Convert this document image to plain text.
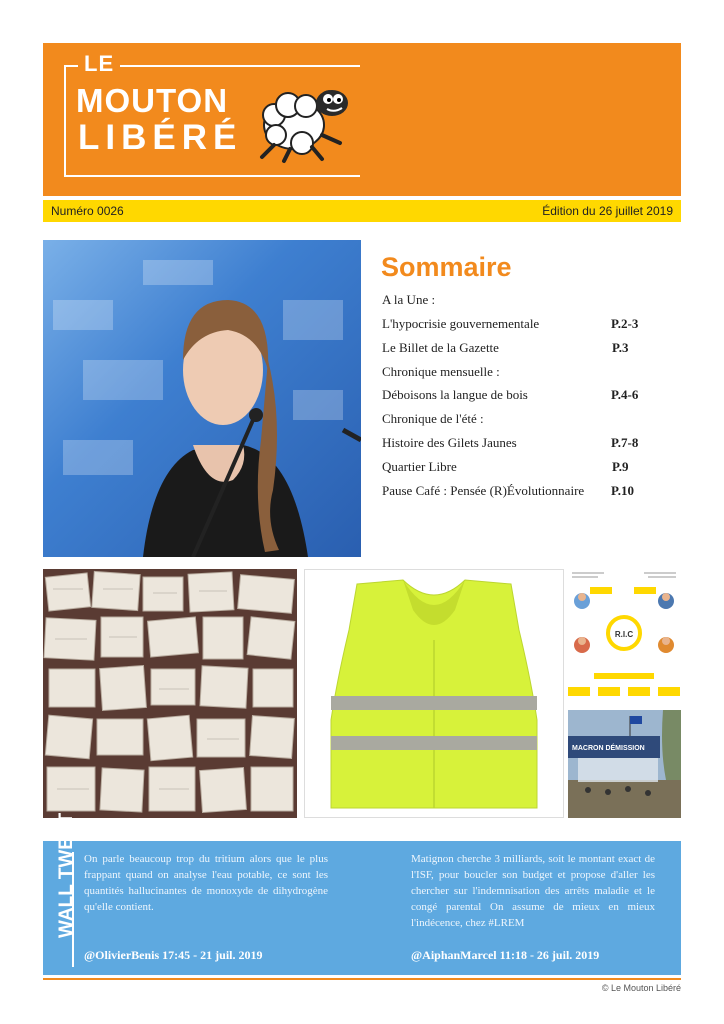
LE
MOUTON
LIBÉRÉ
Numéro 0026	Édition du 26 juillet 2019
Sommaire
A la Une :
L'hypocrisie gouvernementale	P.2-3
Le Billet de la Gazette	P.3
Chronique mensuelle :
Déboisons la langue de bois	P.4-6
Chronique de l'été :
Histoire des Gilets Jaunes	P.7-8
Quartier Libre	P.9
Pause Café : Pensée (R)Évolutionnaire P.10
R.I.C
MACRON DÉMISSION
On parle beaucoup trop du tritium alors que le plus frappant quand on analyse l'eau potable, ce sont les quantités hallucinantes de monoxyde de dihydrogène qu'elle contient.
@OlivierBenis 17:45 - 21 juil. 2019
Matignon cherche 3 milliards, soit le montant exact de l'ISF, pour boucler son budget et propose d'aller les chercher sur l'indemnisation des arrêts maladie et le congé parental On assume de mieux en mieux l'indécence, chez #LREM
@AiphanMarcel 11:18 - 26 juil. 2019
© Le Mouton Libéré
